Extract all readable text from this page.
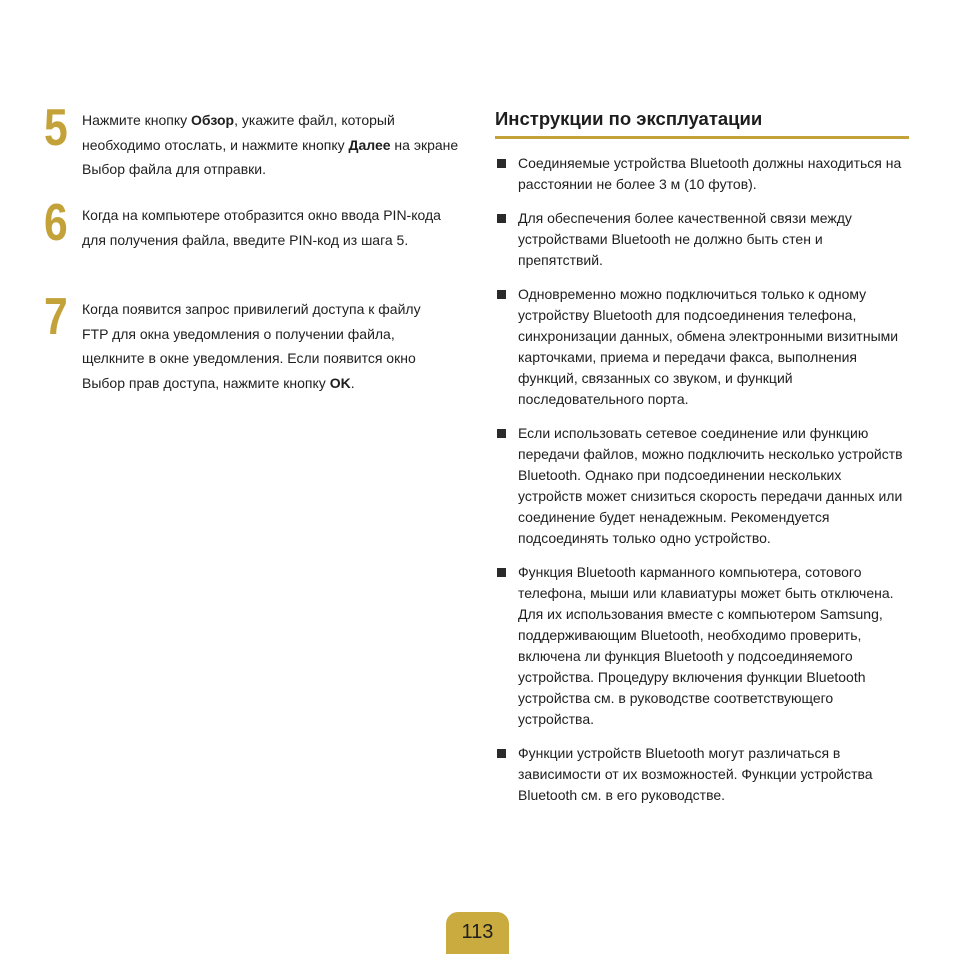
5 Нажмите кнопку Обзор, укажите файл, который необходимо отослать, и нажмите кнопку Далее на экране Выбор файла для отправки.

6 Когда на компьютере отобразится окно ввода PIN-кода для получения файла, введите PIN-код из шага 5.

7 Когда появится запрос привилегий доступа к файлу FTP для окна уведомления о получении файла, щелкните в окне уведомления. Если появится окно Выбор прав доступа, нажмите кнопку OK.

Инструкции по эксплуатации
Соединяемые устройства Bluetooth должны находиться на расстоянии не более 3 м (10 футов).
Для обеспечения более качественной связи между устройствами Bluetooth не должно быть стен и препятствий.
Одновременно можно подключиться только к одному устройству Bluetooth для подсоединения телефона, синхронизации данных, обмена электронными визитными карточками, приема и передачи факса, выполнения функций, связанных со звуком, и функций последовательного порта.
Если использовать сетевое соединение или функцию передачи файлов, можно подключить несколько устройств Bluetooth. Однако при подсоединении нескольких устройств может снизиться скорость передачи данных или соединение будет ненадежным. Рекомендуется подсоединять только одно устройство.
Функция Bluetooth карманного компьютера, сотового телефона, мыши или клавиатуры может быть отключена. Для их использования вместе с компьютером Samsung, поддерживающим Bluetooth, необходимо проверить, включена ли функция Bluetooth у подсоединяемого устройства. Процедуру включения функции Bluetooth устройства см. в руководстве соответствующего устройства.
Функции устройств Bluetooth могут различаться в зависимости от их возможностей. Функции устройства Bluetooth см. в его руководстве.
113
